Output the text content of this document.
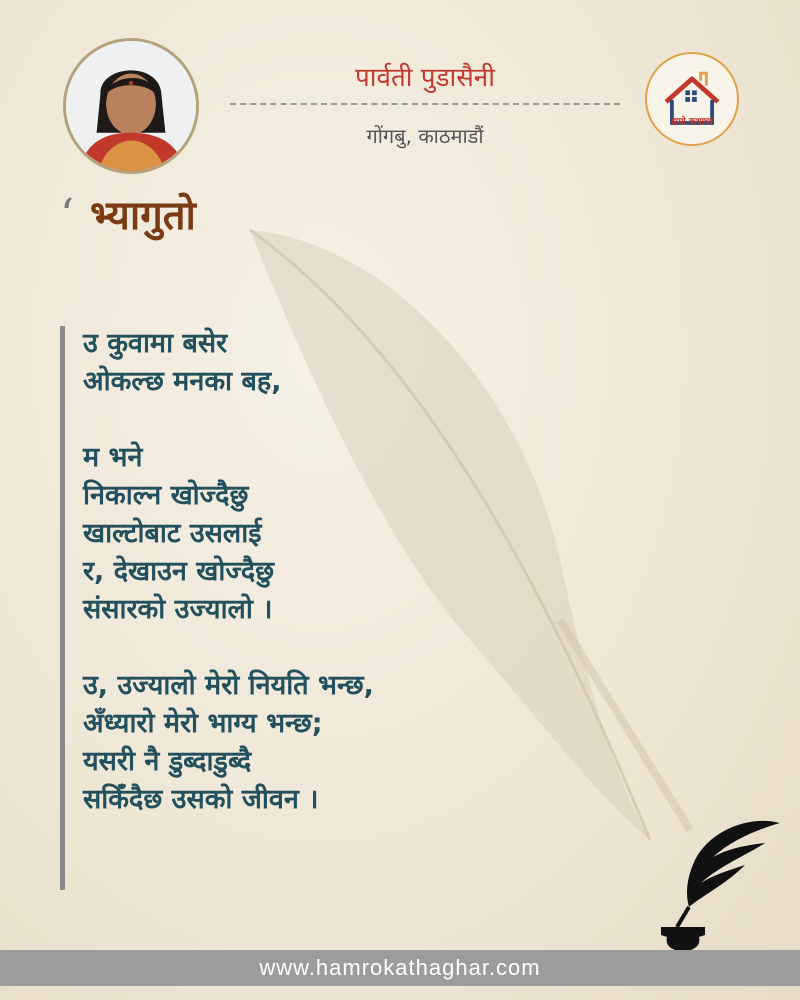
पार्वती पुडासैनी
गोंगबु, काठमाडौं
हाम्रो कथाघर
‘ भ्यागुतो
उ कुवामा बसेर
ओकल्छ मनका बह,
म भने
निकाल्न खोज्दैछु
खाल्टोबाट उसलाई
र, देखाउन खोज्दैछु
संसारको उज्यालो ।
उ, उज्यालो मेरो नियति भन्छ,
अँध्यारो मेरो भाग्य भन्छ;
यसरी नै डुब्दाडुब्दै
सकिँदैछ उसको जीवन ।
www.hamrokathaghar.com
